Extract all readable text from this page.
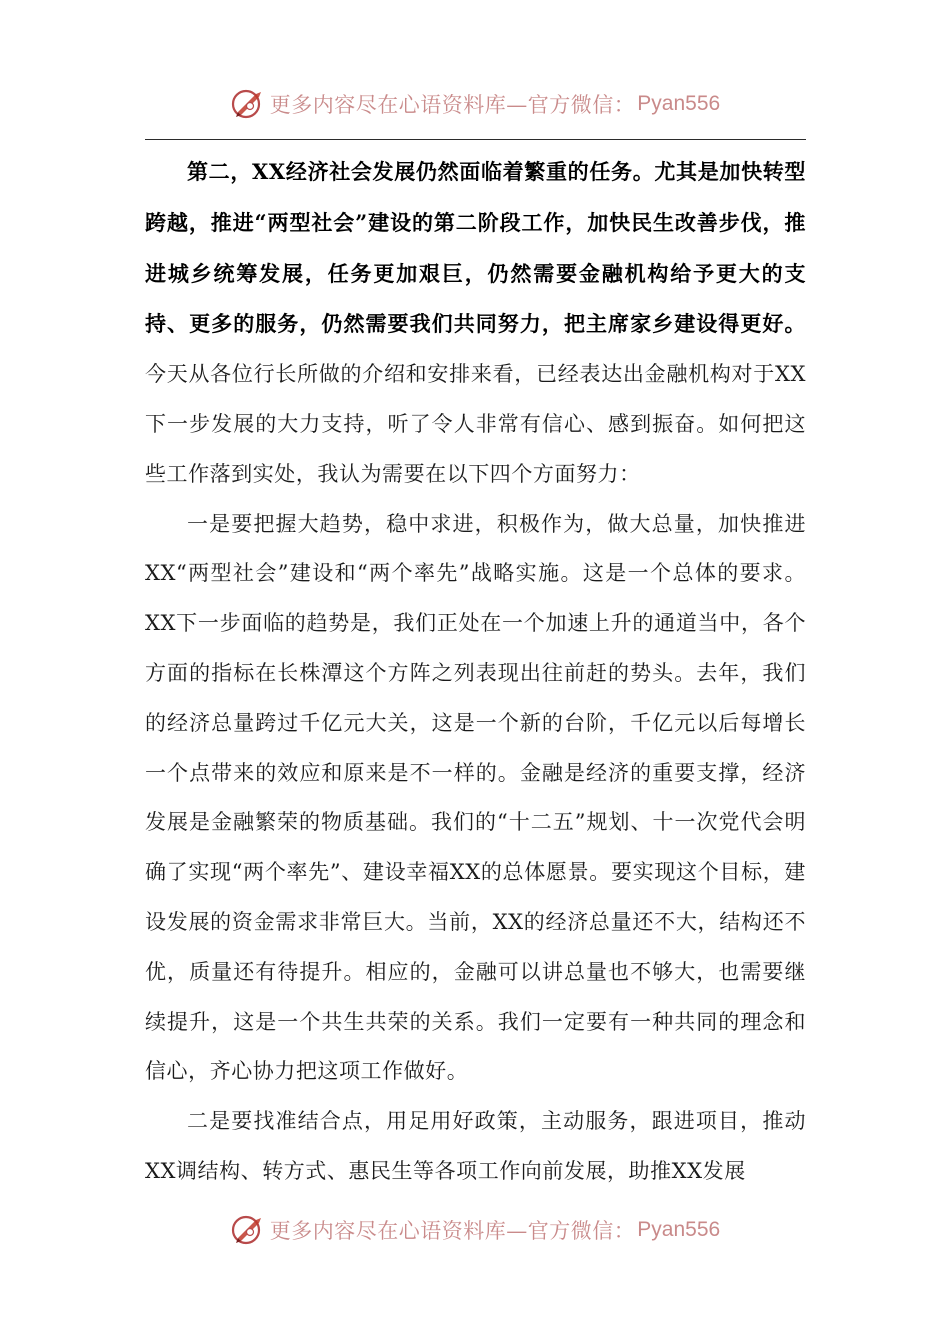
更多内容尽在心语资料库—官方微信： Pyan556

第二，XX经济社会发展仍然面临着繁重的任务。尤其是加快转型跨越，推进“两型社会”建设的第二阶段工作，加快民生改善步伐，推进城乡统筹发展，任务更加艰巨，仍然需要金融机构给予更大的支持、更多的服务，仍然需要我们共同努力，把主席家乡建设得更好。今天从各位行长所做的介绍和安排来看，已经表达出金融机构对于XX下一步发展的大力支持，听了令人非常有信心、感到振奋。如何把这些工作落到实处，我认为需要在以下四个方面努力：

一是要把握大趋势，稳中求进，积极作为，做大总量，加快推进XX“两型社会”建设和“两个率先”战略实施。这是一个总体的要求。XX下一步面临的趋势是，我们正处在一个加速上升的通道当中，各个方面的指标在长株潭这个方阵之列表现出往前赶的势头。去年，我们的经济总量跨过千亿元大关，这是一个新的台阶，千亿元以后每增长一个点带来的效应和原来是不一样的。金融是经济的重要支撑，经济发展是金融繁荣的物质基础。我们的“十二五”规划、十一次党代会明确了实现“两个率先”、建设幸福XX的总体愿景。要实现这个目标，建设发展的资金需求非常巨大。当前，XX的经济总量还不大，结构还不优，质量还有待提升。相应的，金融可以讲总量也不够大，也需要继续提升，这是一个共生共荣的关系。我们一定要有一种共同的理念和信心，齐心协力把这项工作做好。

二是要找准结合点，用足用好政策，主动服务，跟进项目，推动XX调结构、转方式、惠民生等各项工作向前发展，助推XX发展

更多内容尽在心语资料库—官方微信： Pyan556
